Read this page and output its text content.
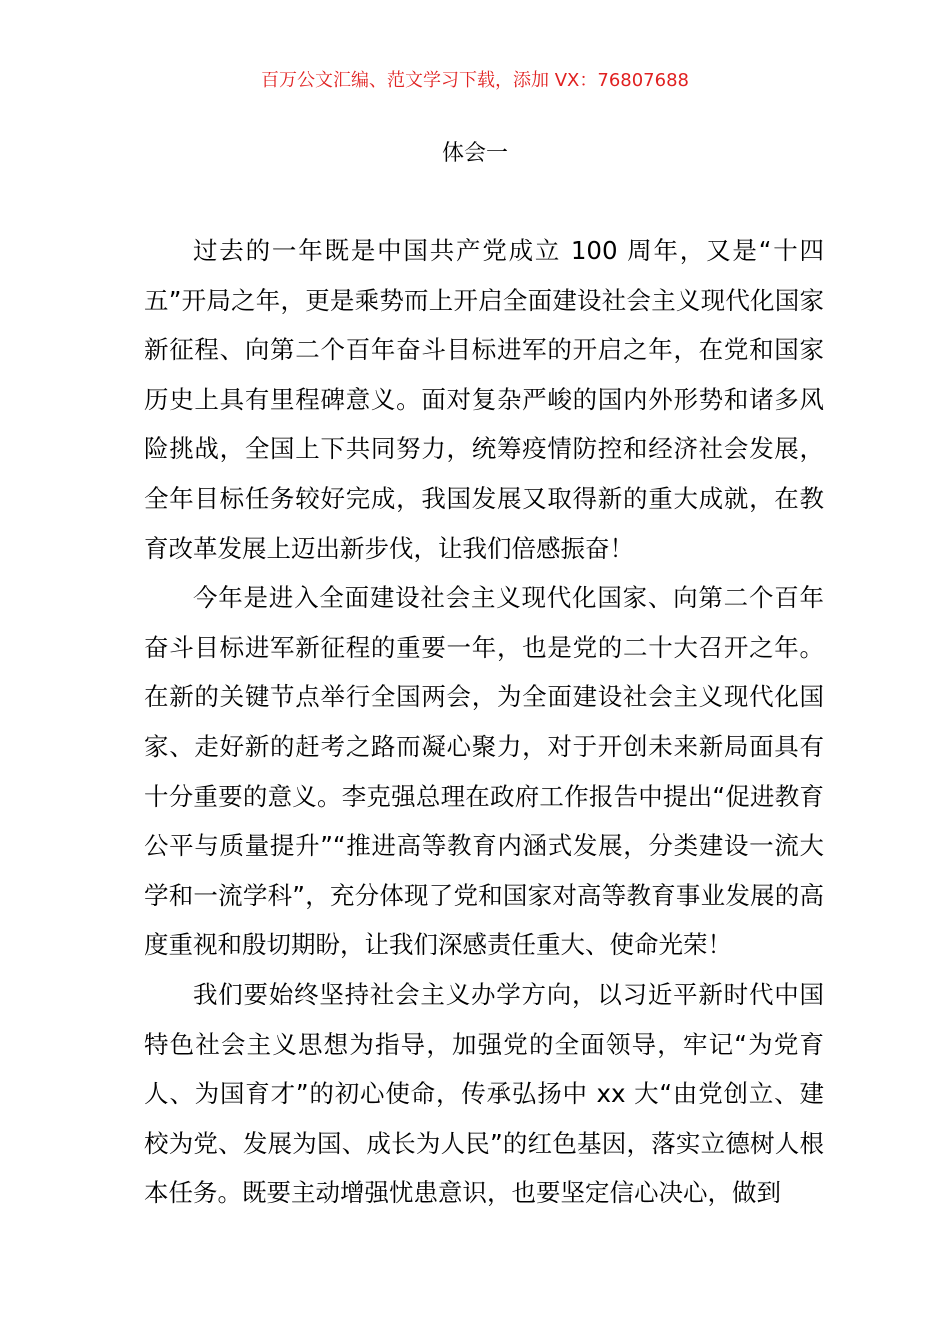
百万公文汇编、范文学习下载，添加 VX：76807688
体会一

过去的一年既是中国共产党成立 100 周年，又是“十四五”开局之年，更是乘势而上开启全面建设社会主义现代化国家新征程、向第二个百年奋斗目标进军的开启之年，在党和国家历史上具有里程碑意义。面对复杂严峻的国内外形势和诸多风险挑战，全国上下共同努力，统筹疫情防控和经济社会发展，全年目标任务较好完成，我国发展又取得新的重大成就，在教育改革发展上迈出新步伐，让我们倍感振奋！

今年是进入全面建设社会主义现代化国家、向第二个百年奋斗目标进军新征程的重要一年，也是党的二十大召开之年。在新的关键节点举行全国两会，为全面建设社会主义现代化国家、走好新的赶考之路而凝心聚力，对于开创未来新局面具有十分重要的意义。李克强总理在政府工作报告中提出“促进教育公平与质量提升”“推进高等教育内涵式发展，分类建设一流大学和一流学科”，充分体现了党和国家对高等教育事业发展的高度重视和殷切期盼，让我们深感责任重大、使命光荣！

我们要始终坚持社会主义办学方向，以习近平新时代中国特色社会主义思想为指导，加强党的全面领导，牢记“为党育人、为国育才”的初心使命，传承弘扬中 xx 大“由党创立、建校为党、发展为国、成长为人民”的红色基因，落实立德树人根本任务。既要主动增强忧患意识，也要坚定信心决心，做到
